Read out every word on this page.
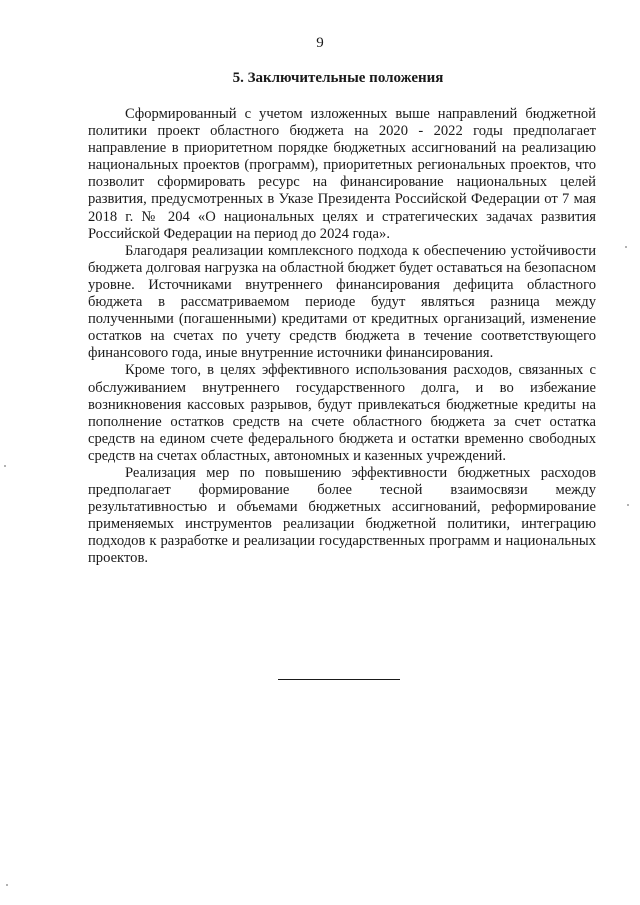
9
5. Заключительные положения

Сформированный с учетом изложенных выше направлений бюджетной политики проект областного бюджета на 2020 - 2022 годы предполагает направление в приоритетном порядке бюджетных ассигнований на реализацию национальных проектов (программ), приоритетных региональных проектов, что позволит сформировать ресурс на финансирование национальных целей развития, предусмотренных в Указе Президента Российской Федерации от 7 мая 2018 г. № 204 «О национальных целях и стратегических задачах развития Российской Федерации на период до 2024 года».

Благодаря реализации комплексного подхода к обеспечению устойчивости бюджета долговая нагрузка на областной бюджет будет оставаться на безопасном уровне. Источниками внутреннего финансирования дефицита областного бюджета в рассматриваемом периоде будут являться разница между полученными (погашенными) кредитами от кредитных организаций, изменение остатков на счетах по учету средств бюджета в течение соответствующего финансового года, иные внутренние источники финансирования.

Кроме того, в целях эффективного использования расходов, связанных с обслуживанием внутреннего государственного долга, и во избежание возникновения кассовых разрывов, будут привлекаться бюджетные кредиты на пополнение остатков средств на счете областного бюджета за счет остатка средств на едином счете федерального бюджета и остатки временно свободных средств на счетах областных, автономных и казенных учреждений.

Реализация мер по повышению эффективности бюджетных расходов предполагает формирование более тесной взаимосвязи между результативностью и объемами бюджетных ассигнований, реформирование применяемых инструментов реализации бюджетной политики, интеграцию подходов к разработке и реализации государственных программ и национальных проектов.
